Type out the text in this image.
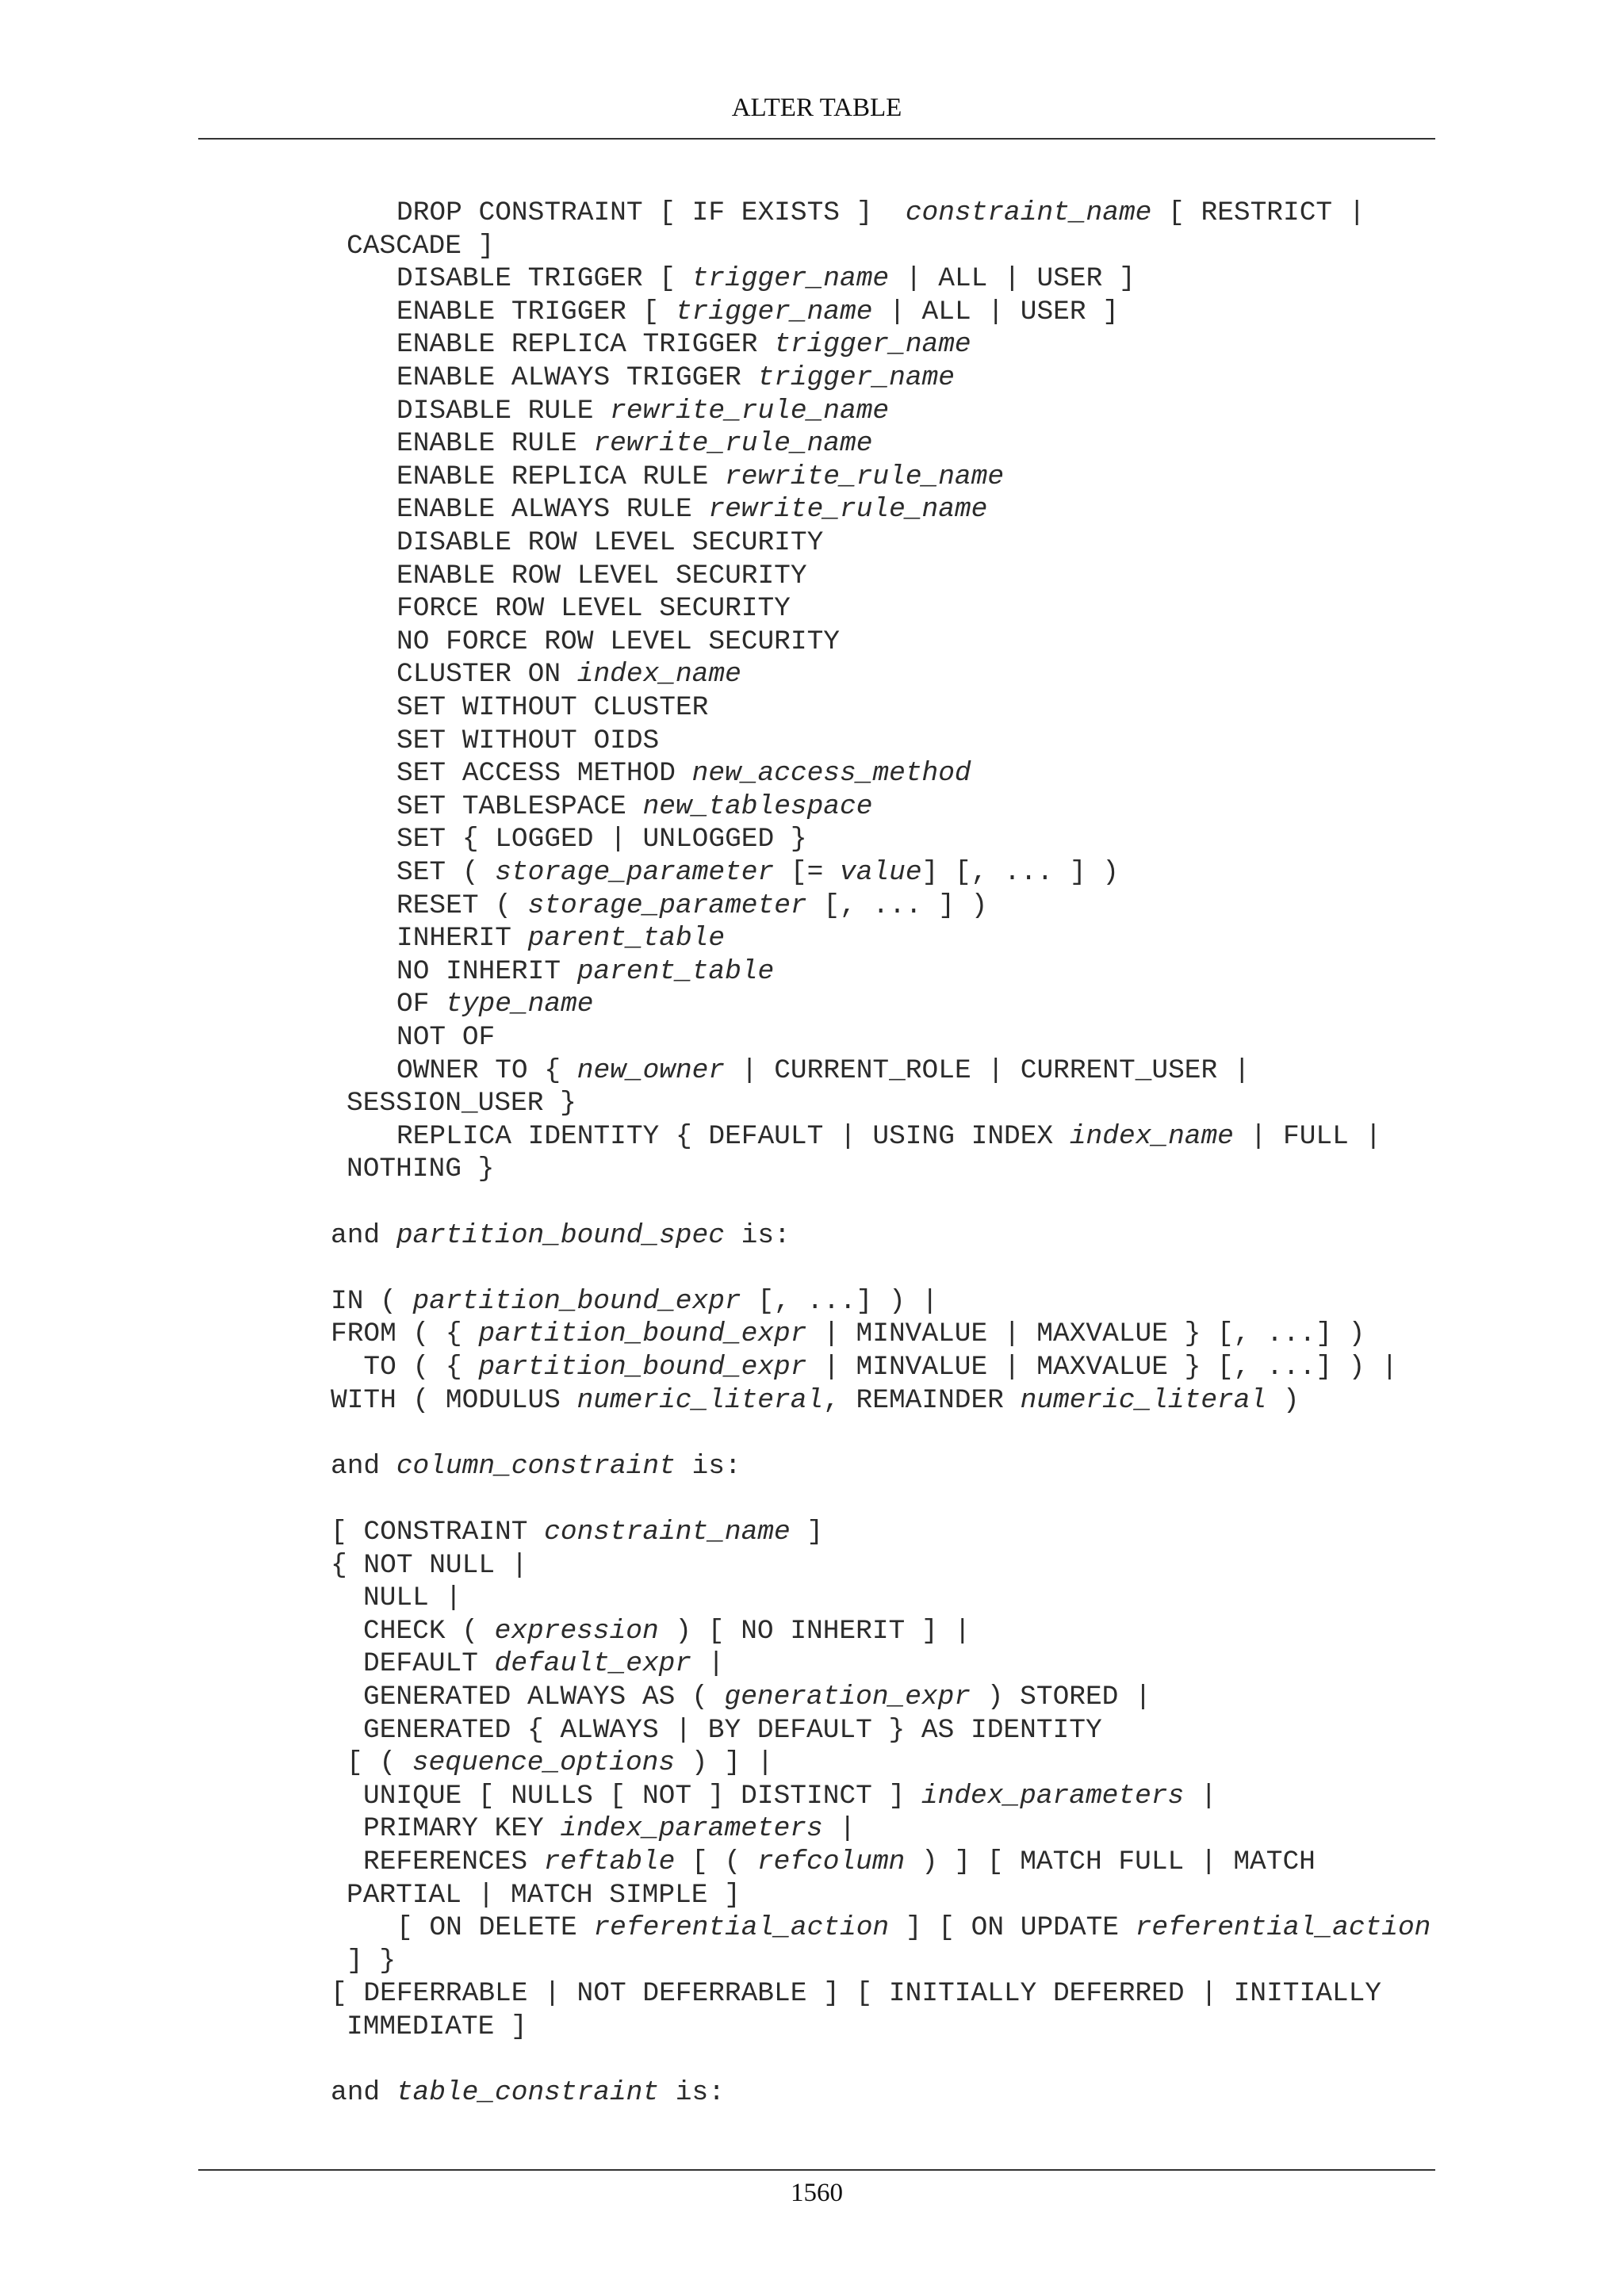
ALTER TABLE
DROP CONSTRAINT [ IF EXISTS ]  constraint_name [ RESTRICT |
CASCADE ]
DISABLE TRIGGER [ trigger_name | ALL | USER ]
ENABLE TRIGGER [ trigger_name | ALL | USER ]
ENABLE REPLICA TRIGGER trigger_name
ENABLE ALWAYS TRIGGER trigger_name
DISABLE RULE rewrite_rule_name
ENABLE RULE rewrite_rule_name
ENABLE REPLICA RULE rewrite_rule_name
ENABLE ALWAYS RULE rewrite_rule_name
DISABLE ROW LEVEL SECURITY
ENABLE ROW LEVEL SECURITY
FORCE ROW LEVEL SECURITY
NO FORCE ROW LEVEL SECURITY
CLUSTER ON index_name
SET WITHOUT CLUSTER
SET WITHOUT OIDS
SET ACCESS METHOD new_access_method
SET TABLESPACE new_tablespace
SET { LOGGED | UNLOGGED }
SET ( storage_parameter [= value] [, ... ] )
RESET ( storage_parameter [, ... ] )
INHERIT parent_table
NO INHERIT parent_table
OF type_name
NOT OF
OWNER TO { new_owner | CURRENT_ROLE | CURRENT_USER |
SESSION_USER }
REPLICA IDENTITY { DEFAULT | USING INDEX index_name | FULL |
NOTHING }
and partition_bound_spec is:
IN ( partition_bound_expr [, ...] ) |
FROM ( { partition_bound_expr | MINVALUE | MAXVALUE } [, ...] )
TO ( { partition_bound_expr | MINVALUE | MAXVALUE } [, ...] ) |
WITH ( MODULUS numeric_literal, REMAINDER numeric_literal )
and column_constraint is:
[ CONSTRAINT constraint_name ]
{ NOT NULL |
NULL |
CHECK ( expression ) [ NO INHERIT ] |
DEFAULT default_expr |
GENERATED ALWAYS AS ( generation_expr ) STORED |
GENERATED { ALWAYS | BY DEFAULT } AS IDENTITY
[ ( sequence_options ) ] |
UNIQUE [ NULLS [ NOT ] DISTINCT ] index_parameters |
PRIMARY KEY index_parameters |
REFERENCES reftable [ ( refcolumn ) ] [ MATCH FULL | MATCH
PARTIAL | MATCH SIMPLE ]
[ ON DELETE referential_action ] [ ON UPDATE referential_action
] }
[ DEFERRABLE | NOT DEFERRABLE ] [ INITIALLY DEFERRED | INITIALLY
IMMEDIATE ]
and table_constraint is:
1560
